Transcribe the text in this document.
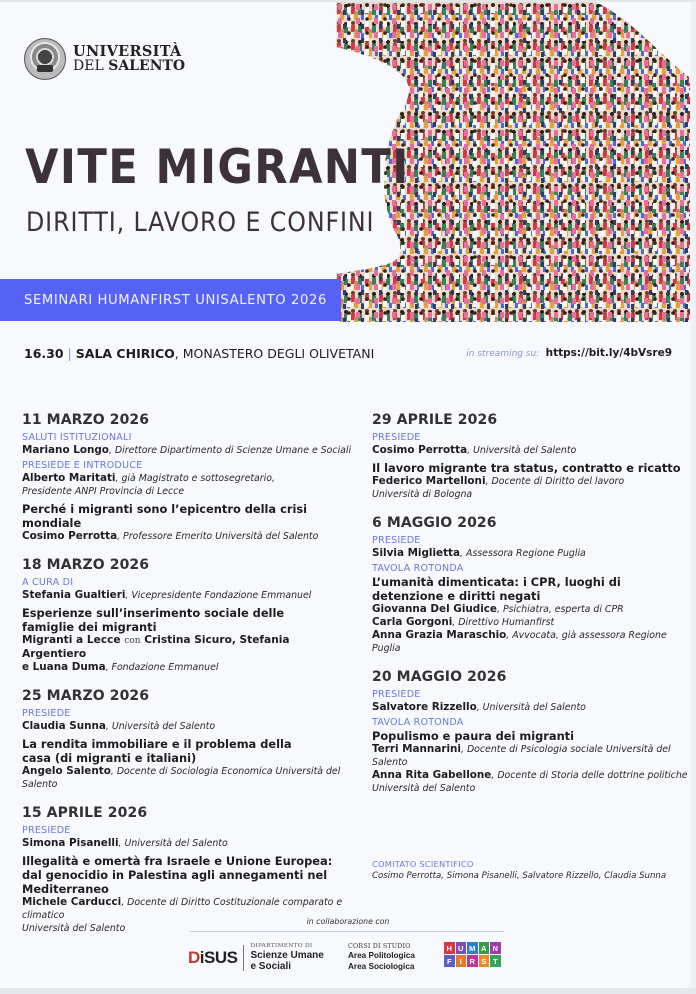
UNIVERSITÀ
DEL SALENTO
VITE MIGRANTI
DIRITTI, LAVORO E CONFINI
SEMINARI HUMANFIRST UNISALENTO 2026
16.30 | SALA CHIRICO, MONASTERO DEGLI OLIVETANI	in streaming su: https://bit.ly/4bVsre9
11 MARZO 2026
SALUTI ISTITUZIONALI
Mariano Longo, Direttore Dipartimento di Scienze Umane e Sociali
PRESIEDE E INTRODUCE
Alberto Maritati, già Magistrato e sottosegretario,
Presidente ANPI Provincia di Lecce
Perché i migranti sono l’epicentro della crisi mondiale
Cosimo Perrotta, Professore Emerito Università del Salento
18 MARZO 2026
A CURA DI
Stefania Gualtieri, Vicepresidente Fondazione Emmanuel
Esperienze sull’inserimento sociale delle famiglie dei migranti
Migranti a Lecce con Cristina Sicuro, Stefania Argentiero
e Luana Duma, Fondazione Emmanuel
25 MARZO 2026
PRESIEDE
Claudia Sunna, Università del Salento
La rendita immobiliare e il problema della casa (di migranti e italiani)
Angelo Salento, Docente di Sociologia Economica Università del Salento
15 APRILE 2026
PRESIEDE
Simona Pisanelli, Università del Salento
Illegalità e omertà fra Israele e Unione Europea: dal genocidio in Palestina agli annegamenti nel Mediterraneo
Michele Carducci, Docente di Diritto Costituzionale comparato e climatico
Università del Salento
29 APRILE 2026
PRESIEDE
Cosimo Perrotta, Università del Salento
Il lavoro migrante tra status, contratto e ricatto
Federico Martelloni, Docente di Diritto del lavoro
Università di Bologna
6 MAGGIO 2026
PRESIEDE
Silvia Miglietta, Assessora Regione Puglia
TAVOLA ROTONDA
L’umanità dimenticata: i CPR, luoghi di detenzione e diritti negati
Giovanna Del Giudice, Psichiatra, esperta di CPR
Carla Gorgoni, Direttivo Humanfirst
Anna Grazia Maraschio, Avvocata, già assessora Regione Puglia
20 MAGGIO 2026
PRESIEDE
Salvatore Rizzello, Università del Salento
TAVOLA ROTONDA
Populismo e paura dei migranti
Terri Mannarini, Docente di Psicologia sociale Università del Salento
Anna Rita Gabellone, Docente di Storia delle dottrine politiche
Università del Salento
COMITATO SCIENTIFICO
Cosimo Perrotta, Simona Pisanelli, Salvatore Rizzello, Claudia Sunna
in collaborazione con
DiSUS
DIPARTIMENTO DI
Scienze Umane
e Sociali
CORSI DI STUDIO
Area Politologica
Area Sociologica
H U M A N
F	I	R S T
